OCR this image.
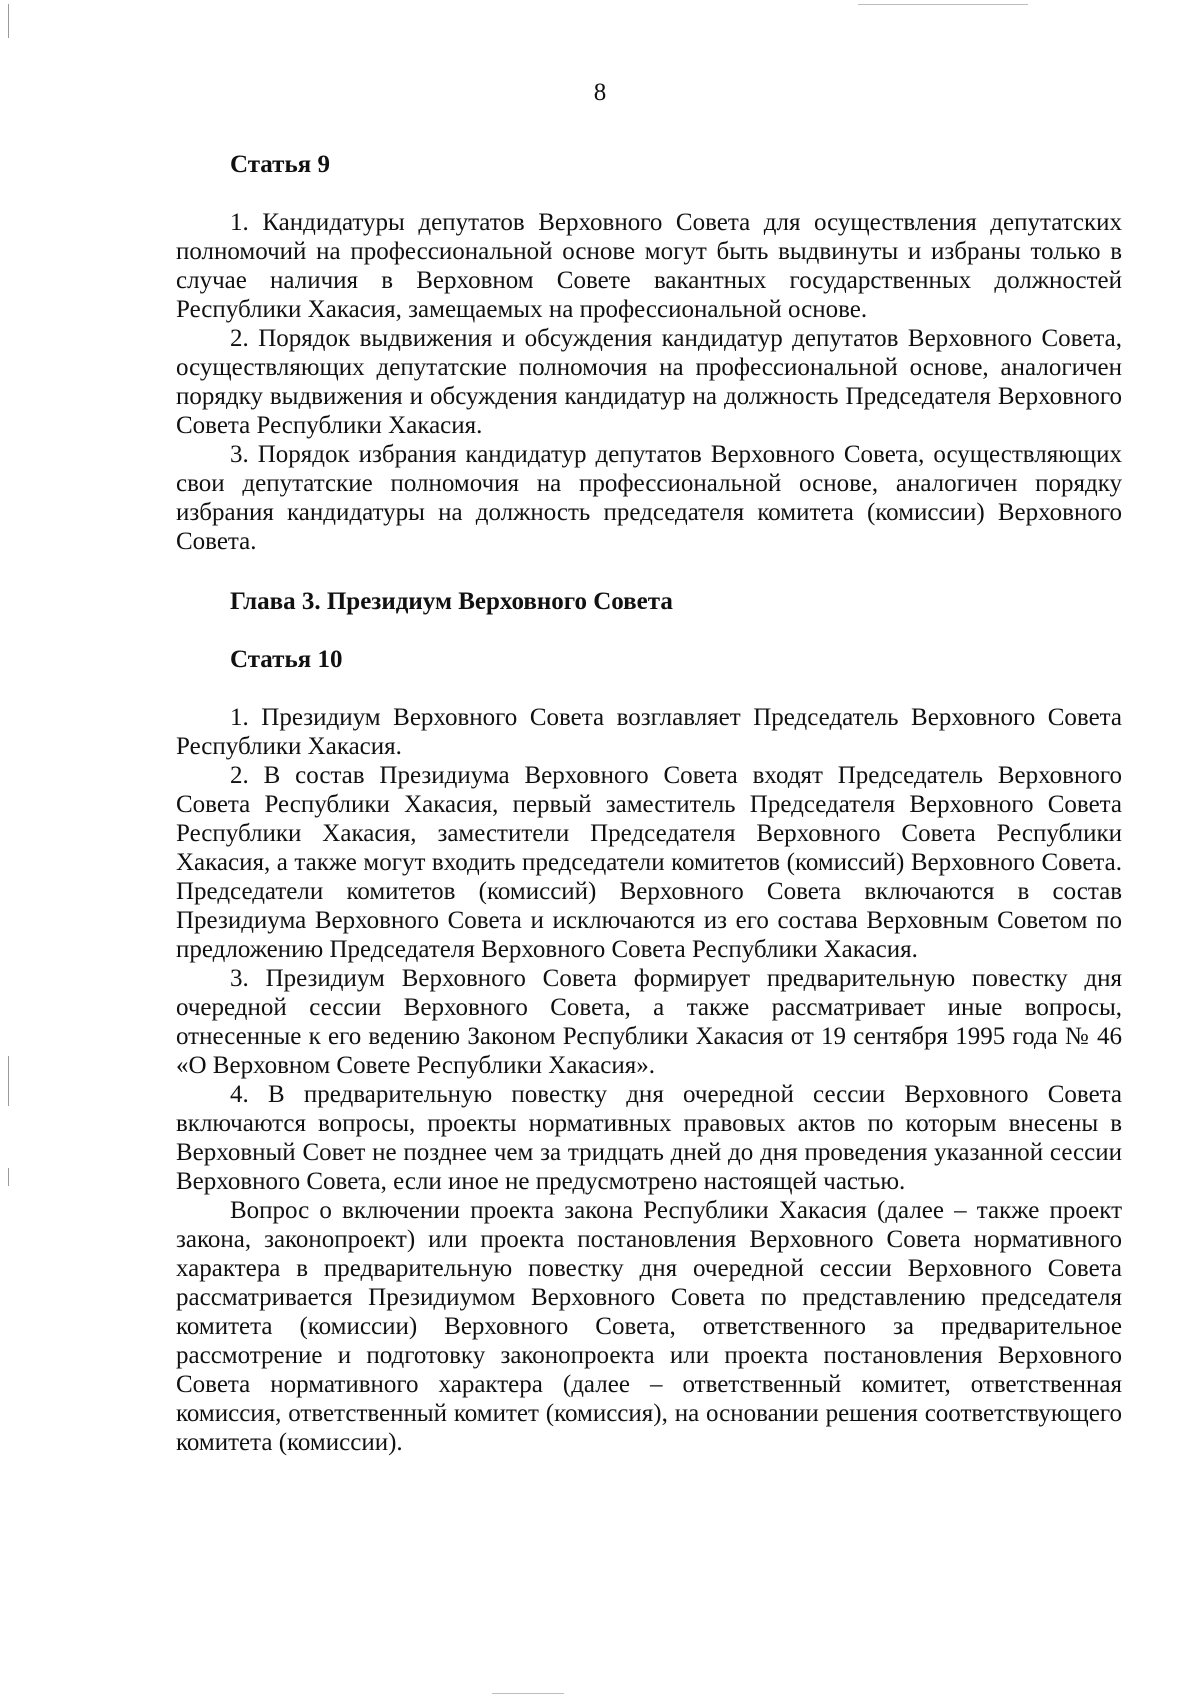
8
Статья 9

1. Кандидатуры депутатов Верховного Совета для осуществления депутатских полномочий на профессиональной основе могут быть выдвинуты и избраны только в случае наличия в Верховном Совете вакантных государственных должностей Республики Хакасия, замещаемых на профессиональной основе.

2. Порядок выдвижения и обсуждения кандидатур депутатов Верховного Совета, осуществляющих депутатские полномочия на профессиональной основе, аналогичен порядку выдвижения и обсуждения кандидатур на должность Председателя Верховного Совета Республики Хакасия.

3. Порядок избрания кандидатур депутатов Верховного Совета, осуществляющих свои депутатские полномочия на профессиональной основе, аналогичен порядку избрания кандидатуры на должность председателя комитета (комиссии) Верховного Совета.

Глава 3. Президиум Верховного Совета
Статья 10

1. Президиум Верховного Совета возглавляет Председатель Верховного Совета Республики Хакасия.

2. В состав Президиума Верховного Совета входят Председатель Верховного Совета Республики Хакасия, первый заместитель Председателя Верховного Совета Республики Хакасия, заместители Председателя Верховного Совета Республики Хакасия, а также могут входить председатели комитетов (комиссий) Верховного Совета. Председатели комитетов (комиссий) Верховного Совета включаются в состав Президиума Верховного Совета и исключаются из его состава Верховным Советом по предложению Председателя Верховного Совета Республики Хакасия.

3. Президиум Верховного Совета формирует предварительную повестку дня очередной сессии Верховного Совета, а также рассматривает иные вопросы, отнесенные к его ведению Законом Республики Хакасия от 19 сентября 1995 года № 46 «О Верховном Совете Республики Хакасия».

4. В предварительную повестку дня очередной сессии Верховного Совета включаются вопросы, проекты нормативных правовых актов по которым внесены в Верховный Совет не позднее чем за тридцать дней до дня проведения указанной сессии Верховного Совета, если иное не предусмотрено настоящей частью.

Вопрос о включении проекта закона Республики Хакасия (далее – также проект закона, законопроект) или проекта постановления Верховного Совета нормативного характера в предварительную повестку дня очередной сессии Верховного Совета рассматривается Президиумом Верховного Совета по представлению председателя комитета (комиссии) Верховного Совета, ответственного за предварительное рассмотрение и подготовку законопроекта или проекта постановления Верховного Совета нормативного характера (далее – ответственный комитет, ответственная комиссия, ответственный комитет (комиссия), на основании решения соответствующего комитета (комиссии).
